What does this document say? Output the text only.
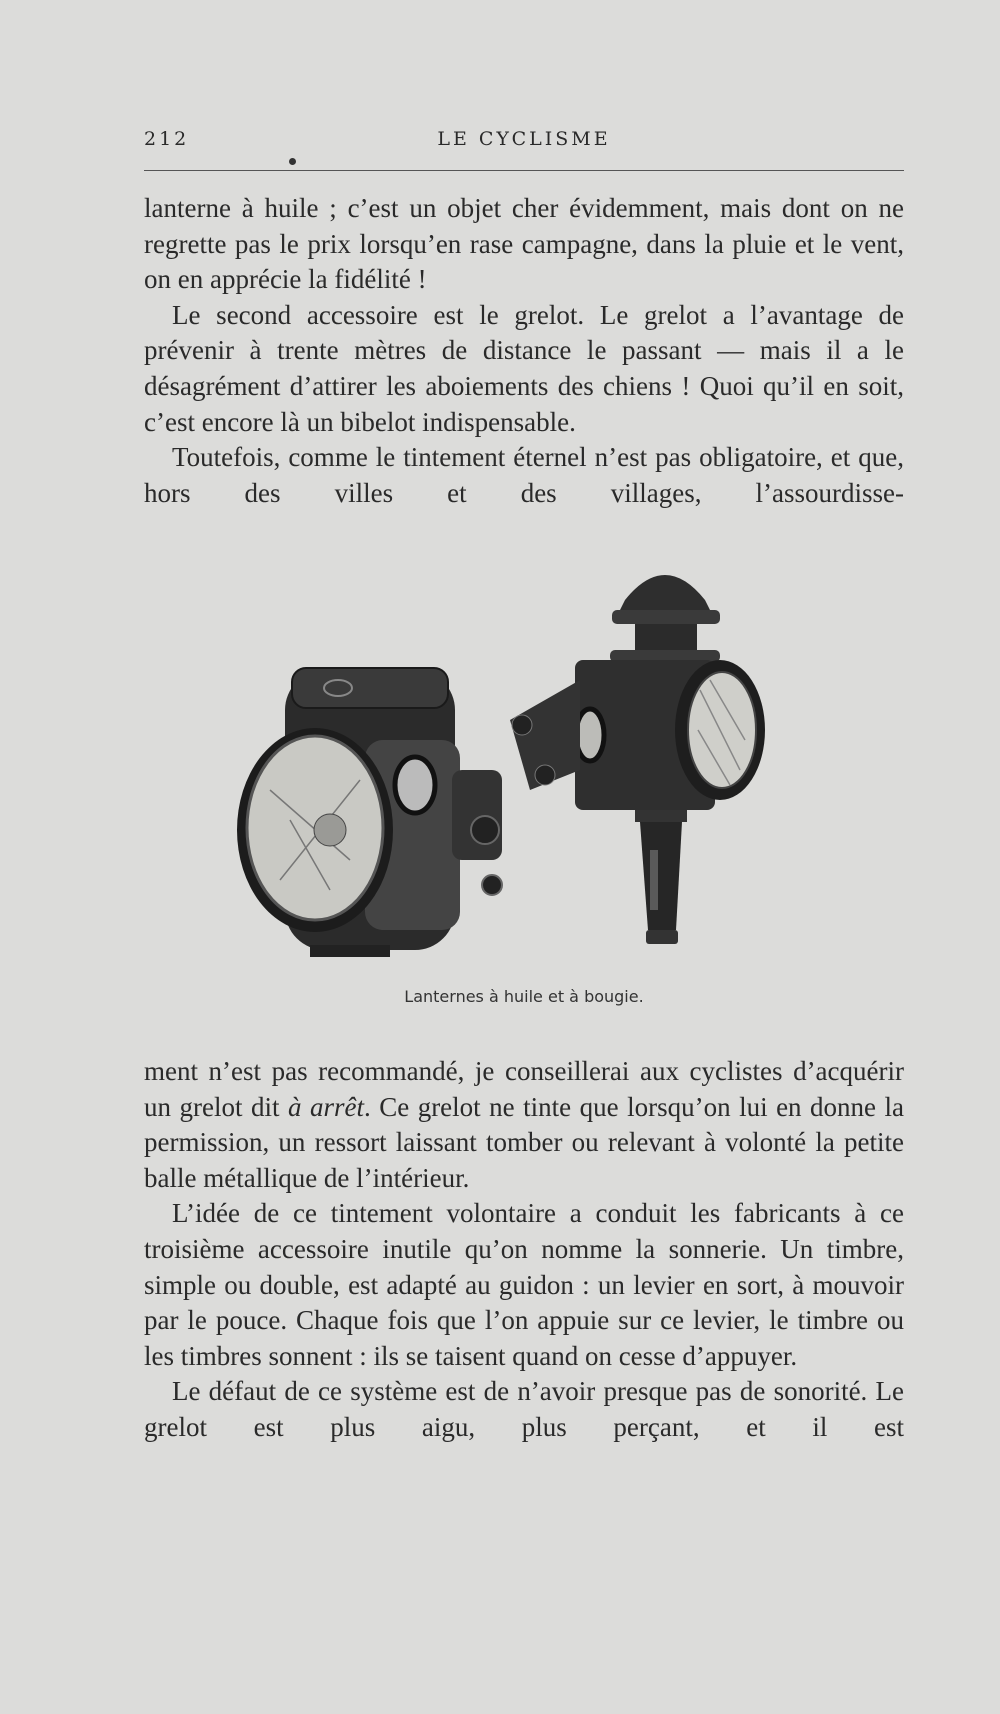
212	LE CYCLISME

lanterne à huile ; c’est un objet cher évidemment, mais dont on ne regrette pas le prix lorsqu’en rase campagne, dans la pluie et le vent, on en apprécie la fidélité !

Le second accessoire est le grelot. Le grelot a l’avantage de prévenir à trente mètres de distance le passant — mais il a le désagrément d’attirer les aboiements des chiens ! Quoi qu’il en soit, c’est encore là un bibelot indispensable.

Toutefois, comme le tintement éternel n’est pas obligatoire, et que, hors des villes et des villages, l’assourdisse-

Lanternes à huile et à bougie.

ment n’est pas recommandé, je conseillerai aux cyclistes d’acquérir un grelot dit à arrêt. Ce grelot ne tinte que lorsqu’on lui en donne la permission, un ressort laissant tomber ou relevant à volonté la petite balle métallique de l’intérieur.

L’idée de ce tintement volontaire a conduit les fabricants à ce troisième accessoire inutile qu’on nomme la sonnerie. Un timbre, simple ou double, est adapté au guidon : un levier en sort, à mouvoir par le pouce. Chaque fois que l’on appuie sur ce levier, le timbre ou les timbres sonnent : ils se taisent quand on cesse d’appuyer.

Le défaut de ce système est de n’avoir presque pas de sonorité. Le grelot est plus aigu, plus perçant, et il est
